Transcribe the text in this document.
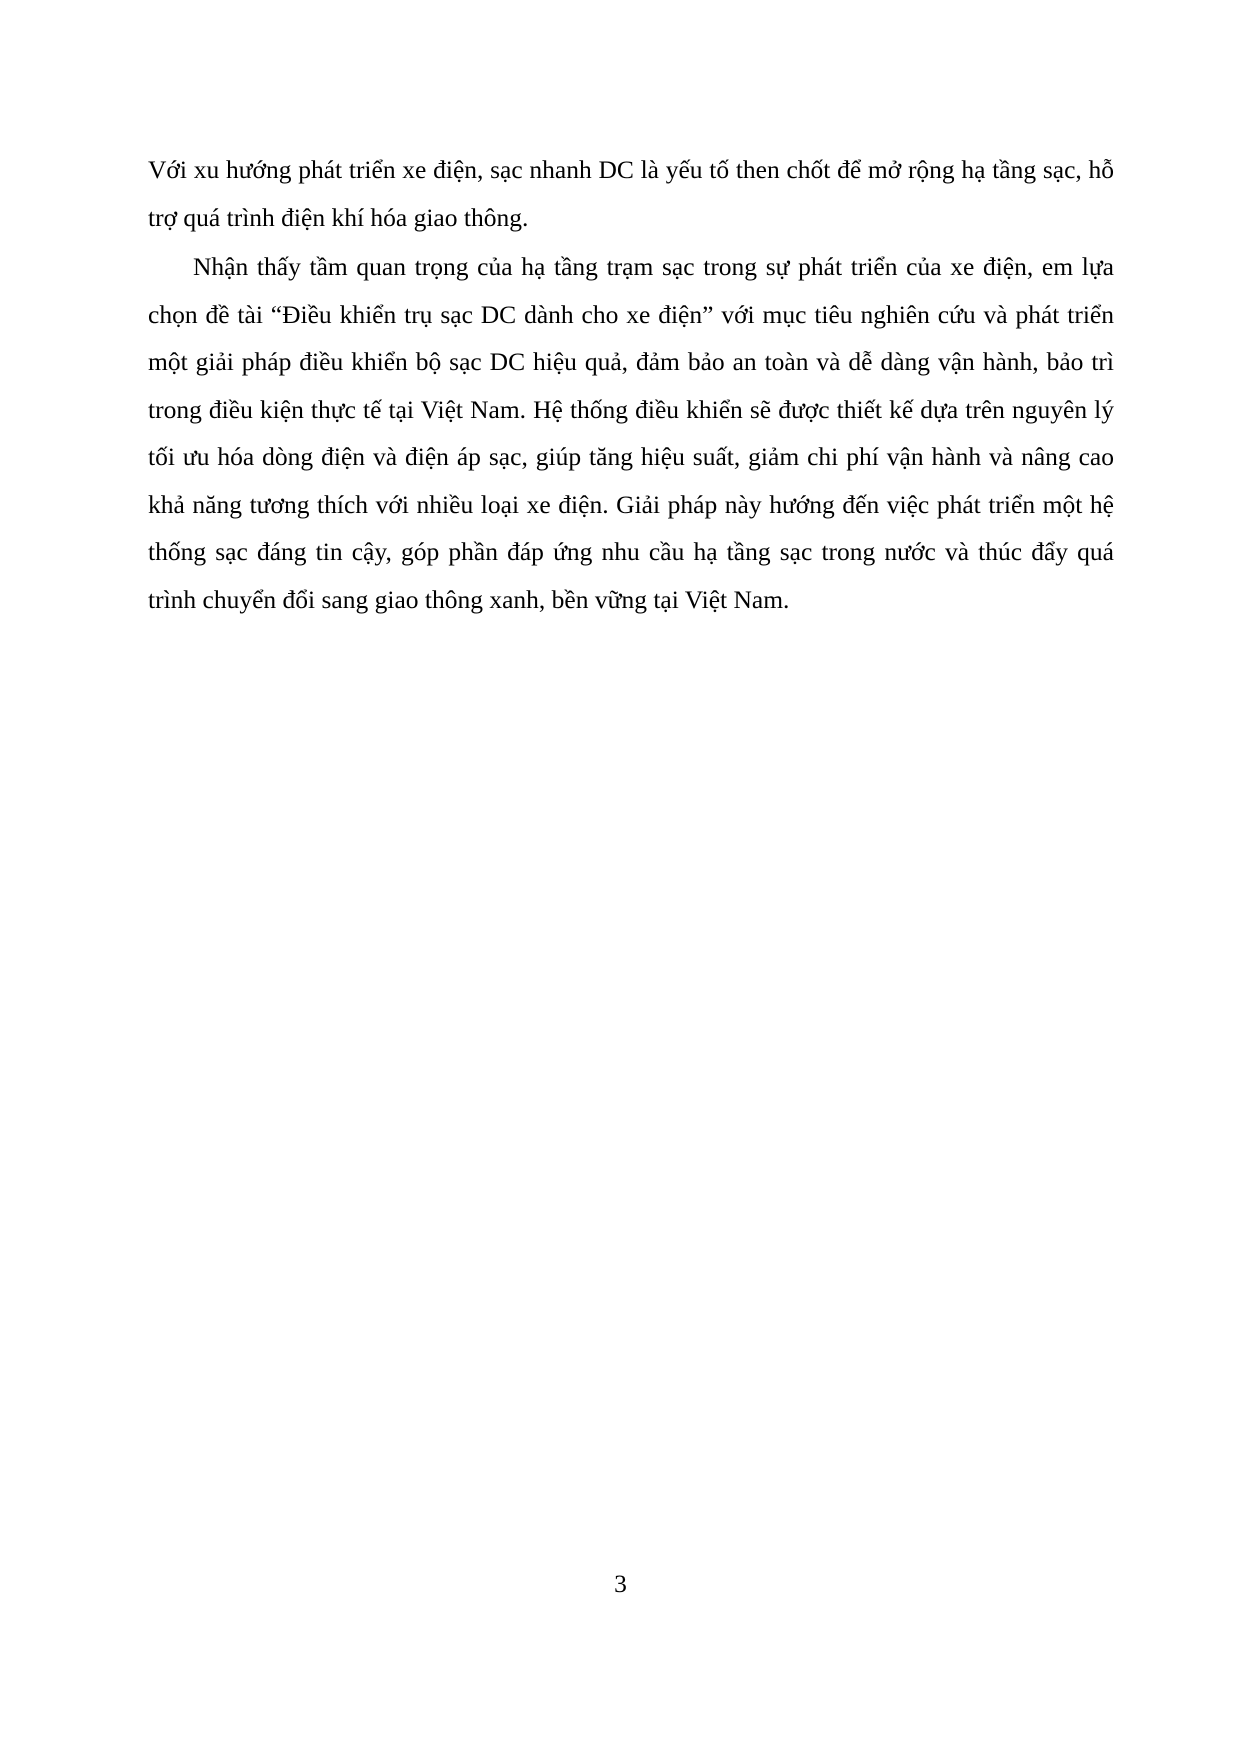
Với xu hướng phát triển xe điện, sạc nhanh DC là yếu tố then chốt để mở rộng hạ tầng sạc, hỗ trợ quá trình điện khí hóa giao thông.

Nhận thấy tầm quan trọng của hạ tầng trạm sạc trong sự phát triển của xe điện, em lựa chọn đề tài “Điều khiển trụ sạc DC dành cho xe điện” với mục tiêu nghiên cứu và phát triển một giải pháp điều khiển bộ sạc DC hiệu quả, đảm bảo an toàn và dễ dàng vận hành, bảo trì trong điều kiện thực tế tại Việt Nam. Hệ thống điều khiển sẽ được thiết kế dựa trên nguyên lý tối ưu hóa dòng điện và điện áp sạc, giúp tăng hiệu suất, giảm chi phí vận hành và nâng cao khả năng tương thích với nhiều loại xe điện. Giải pháp này hướng đến việc phát triển một hệ thống sạc đáng tin cậy, góp phần đáp ứng nhu cầu hạ tầng sạc trong nước và thúc đẩy quá trình chuyển đổi sang giao thông xanh, bền vững tại Việt Nam.

3
